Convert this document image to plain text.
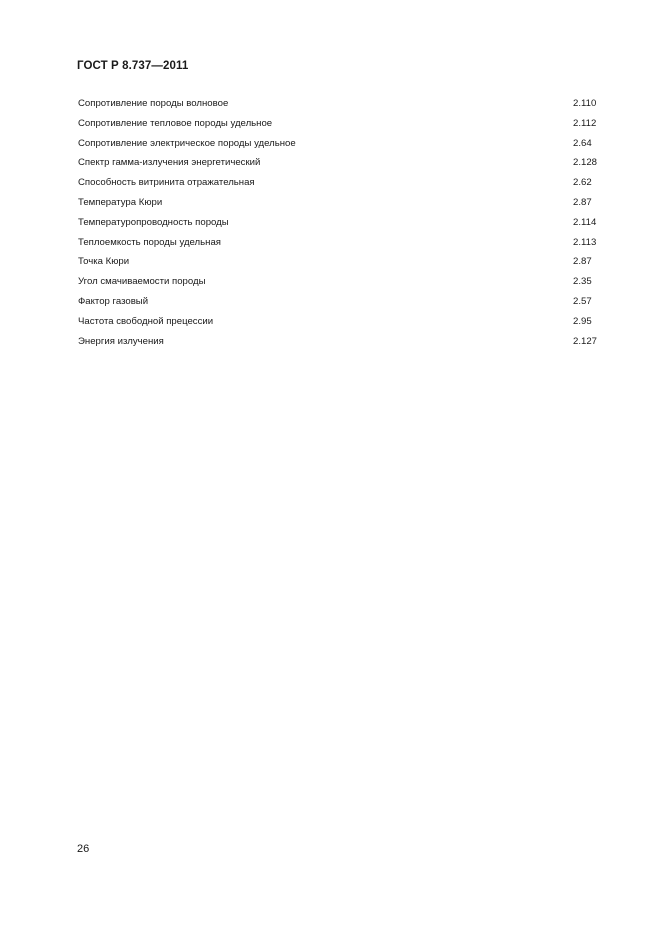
ГОСТ Р 8.737—2011
Сопротивление породы волновое	2.110
Сопротивление тепловое породы удельное	2.112
Сопротивление электрическое породы удельное	2.64
Спектр гамма-излучения энергетический	2.128
Способность витринита отражательная	2.62
Температура Кюри	2.87
Температуропроводность породы	2.114
Теплоемкость породы удельная	2.113
Точка Кюри	2.87
Угол смачиваемости породы	2.35
Фактор газовый	2.57
Частота свободной прецессии	2.95
Энергия излучения	2.127
26
